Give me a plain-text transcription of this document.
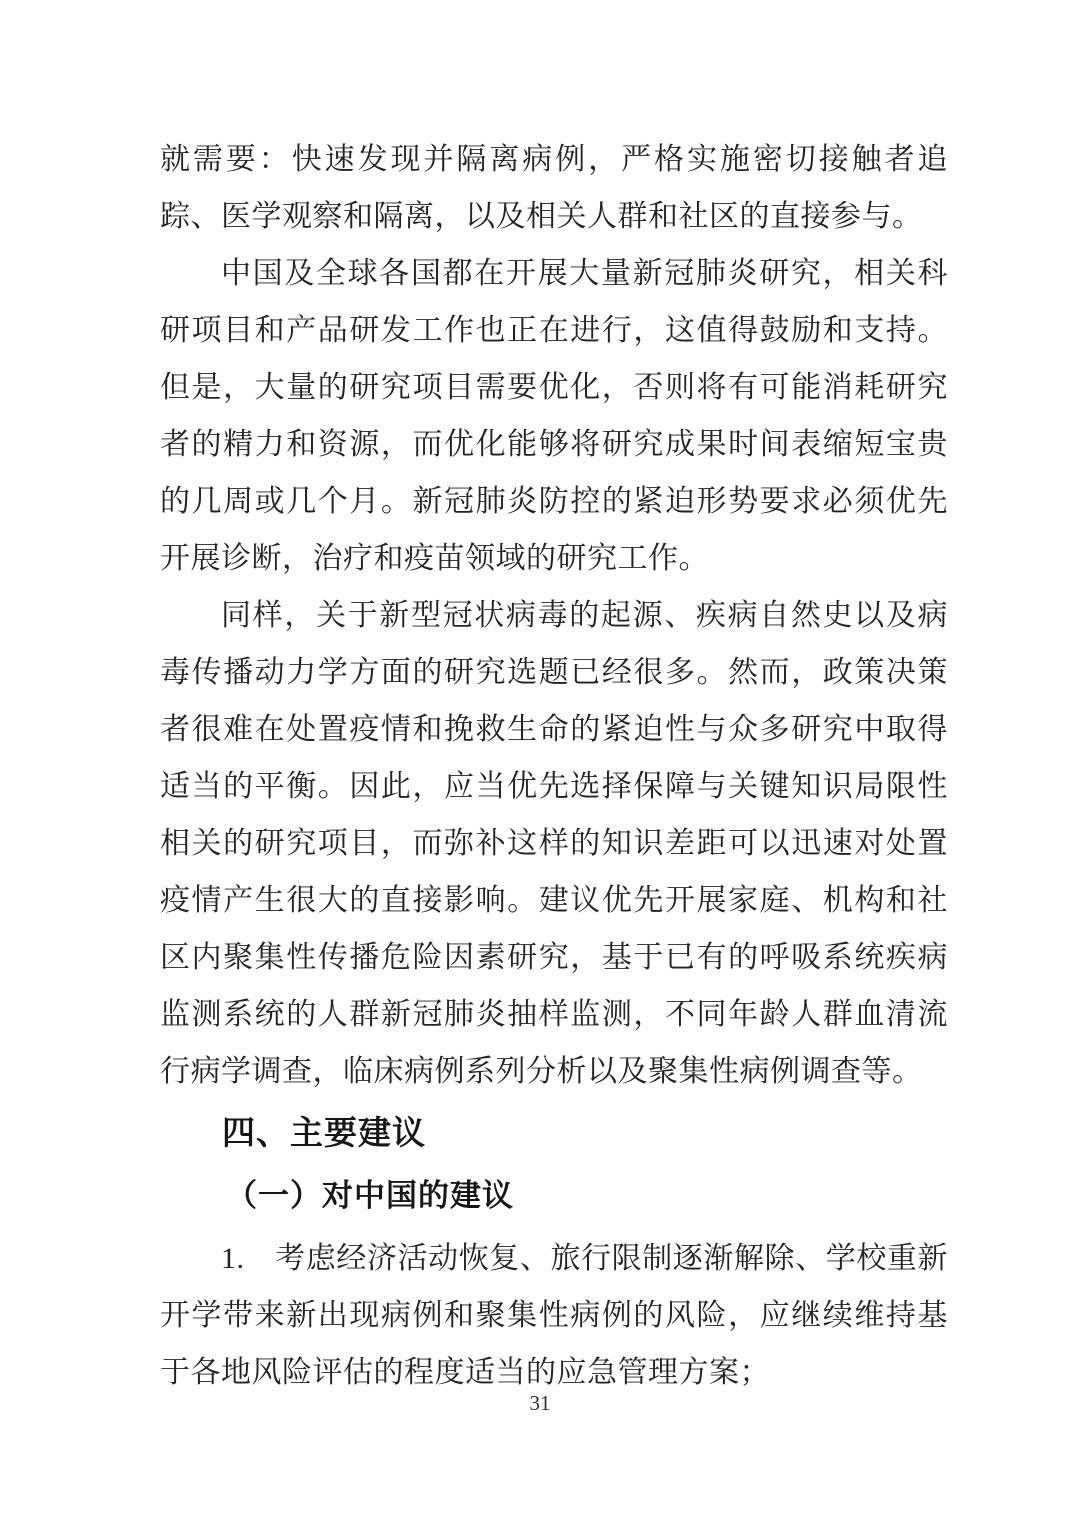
就需要：快速发现并隔离病例，严格实施密切接触者追踪、医学观察和隔离，以及相关人群和社区的直接参与。

中国及全球各国都在开展大量新冠肺炎研究，相关科研项目和产品研发工作也正在进行，这值得鼓励和支持。但是，大量的研究项目需要优化，否则将有可能消耗研究者的精力和资源，而优化能够将研究成果时间表缩短宝贵的几周或几个月。新冠肺炎防控的紧迫形势要求必须优先开展诊断，治疗和疫苗领域的研究工作。

同样，关于新型冠状病毒的起源、疾病自然史以及病毒传播动力学方面的研究选题已经很多。然而，政策决策者很难在处置疫情和挽救生命的紧迫性与众多研究中取得适当的平衡。因此，应当优先选择保障与关键知识局限性相关的研究项目，而弥补这样的知识差距可以迅速对处置疫情产生很大的直接影响。建议优先开展家庭、机构和社区内聚集性传播危险因素研究，基于已有的呼吸系统疾病监测系统的人群新冠肺炎抽样监测，不同年龄人群血清流行病学调查，临床病例系列分析以及聚集性病例调查等。

四、主要建议
（一）对中国的建议

1.　考虑经济活动恢复、旅行限制逐渐解除、学校重新开学带来新出现病例和聚集性病例的风险，应继续维持基于各地风险评估的程度适当的应急管理方案；

31
